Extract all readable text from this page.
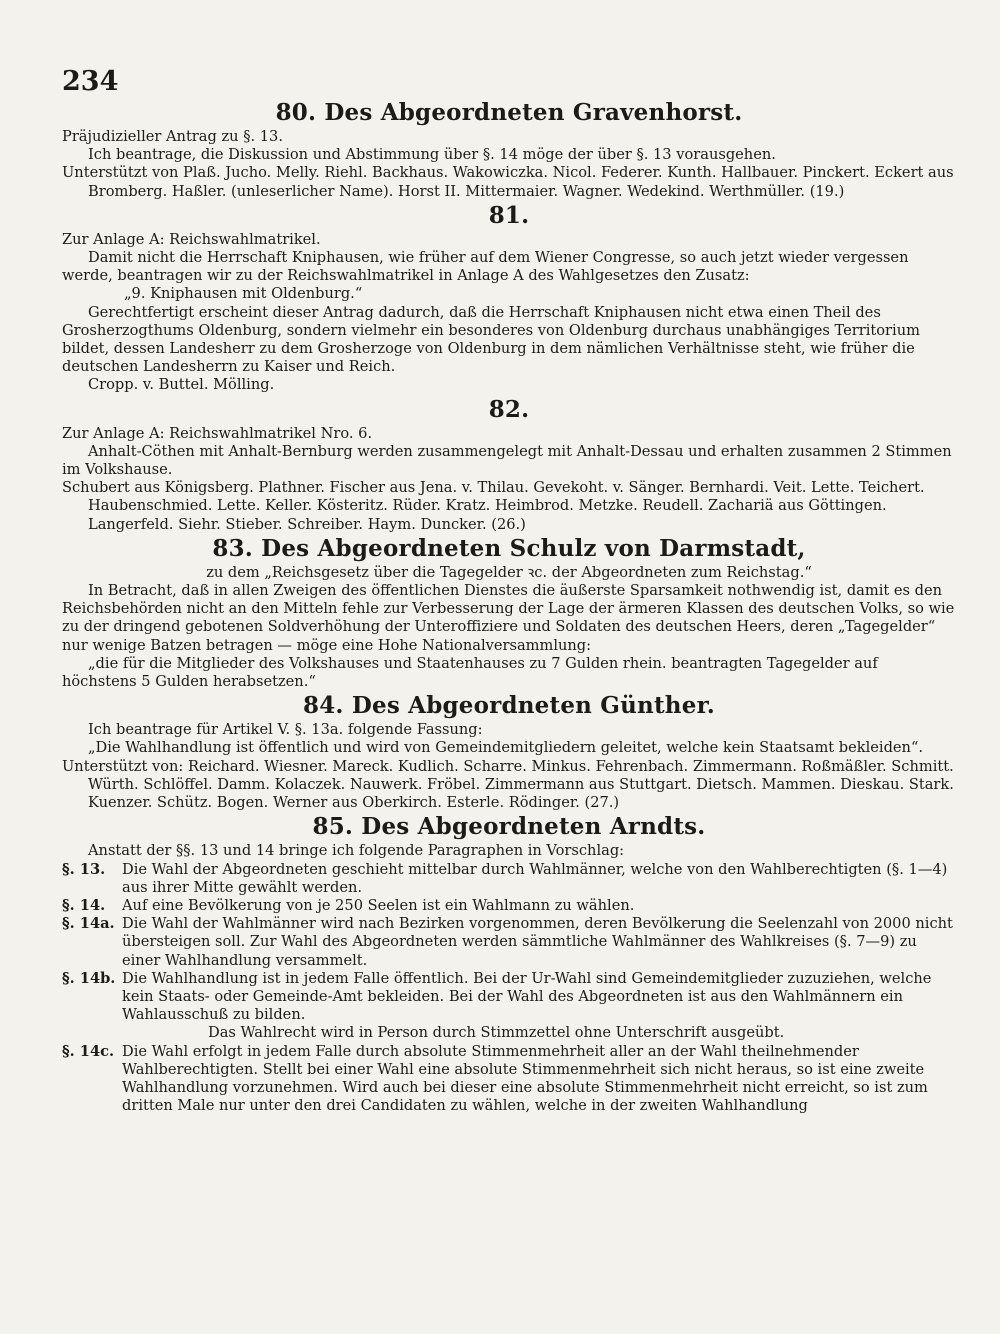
234
80. Des Abgeordneten Gravenhorst.

Präjudizieller Antrag zu §. 13.

Ich beantrage, die Diskussion und Abstimmung über §. 14 möge der über §. 13 vorausgehen.

Unterstützt von Plaß. Jucho. Melly. Riehl. Backhaus. Wakowiczka. Nicol. Federer. Kunth. Hallbauer. Pinckert. Eckert aus Bromberg. Haßler. (unleserlicher Name). Horst II. Mittermaier. Wagner. Wedekind. Werthmüller. (19.)

81.

Zur Anlage A: Reichswahlmatrikel.

Damit nicht die Herrschaft Kniphausen, wie früher auf dem Wiener Congresse, so auch jetzt wieder vergessen werde, beantragen wir zu der Reichswahlmatrikel in Anlage A des Wahlgesetzes den Zusatz:

„9. Kniphausen mit Oldenburg.“

Gerechtfertigt erscheint dieser Antrag dadurch, daß die Herrschaft Kniphausen nicht etwa einen Theil des Grosherzogthums Oldenburg, sondern vielmehr ein besonderes von Oldenburg durchaus unabhängiges Territorium bildet, dessen Landesherr zu dem Grosherzoge von Oldenburg in dem nämlichen Verhältnisse steht, wie früher die deutschen Landesherrn zu Kaiser und Reich.

Cropp. v. Buttel. Mölling.

82.

Zur Anlage A: Reichswahlmatrikel Nro. 6.

Anhalt-Cöthen mit Anhalt-Bernburg werden zusammengelegt mit Anhalt-Dessau und erhalten zusammen 2 Stimmen im Volkshause.

Schubert aus Königsberg. Plathner. Fischer aus Jena. v. Thilau. Gevekoht. v. Sänger. Bernhardi. Veit. Lette. Teichert. Haubenschmied. Lette. Keller. Kösteritz. Rüder. Kratz. Heimbrod. Metzke. Reudell. Zachariä aus Göttingen. Langerfeld. Siehr. Stieber. Schreiber. Haym. Duncker. (26.)

83. Des Abgeordneten Schulz von Darmstadt,

zu dem „Reichsgesetz über die Tagegelder ꝛc. der Abgeordneten zum Reichstag.“

In Betracht, daß in allen Zweigen des öffentlichen Dienstes die äußerste Sparsamkeit nothwendig ist, damit es den Reichsbehörden nicht an den Mitteln fehle zur Verbesserung der Lage der ärmeren Klassen des deutschen Volks, so wie zu der dringend gebotenen Soldverhöhung der Unteroffiziere und Soldaten des deutschen Heers, deren „Tagegelder“ nur wenige Batzen betragen — möge eine Hohe Nationalversammlung:

„die für die Mitglieder des Volkshauses und Staatenhauses zu 7 Gulden rhein. beantragten Tagegelder auf höchstens 5 Gulden herabsetzen.“

84. Des Abgeordneten Günther.

Ich beantrage für Artikel V. §. 13a. folgende Fassung:

„Die Wahlhandlung ist öffentlich und wird von Gemeindemitgliedern geleitet, welche kein Staatsamt bekleiden“.

Unterstützt von: Reichard. Wiesner. Mareck. Kudlich. Scharre. Minkus. Fehrenbach. Zimmermann. Roßmäßler. Schmitt. Würth. Schlöffel. Damm. Kolaczek. Nauwerk. Fröbel. Zimmermann aus Stuttgart. Dietsch. Mammen. Dieskau. Stark. Kuenzer. Schütz. Bogen. Werner aus Oberkirch. Esterle. Rödinger. (27.)

85. Des Abgeordneten Arndts.

Anstatt der §§. 13 und 14 bringe ich folgende Paragraphen in Vorschlag:

§. 13.	Die Wahl der Abgeordneten geschieht mittelbar durch Wahlmänner, welche von den Wahlberechtigten (§. 1—4) aus ihrer Mitte gewählt werden.
§. 14.	Auf eine Bevölkerung von je 250 Seelen ist ein Wahlmann zu wählen.
§. 14a. Die Wahl der Wahlmänner wird nach Bezirken vorgenommen, deren Bevölkerung die Seelenzahl von 2000 nicht übersteigen soll. Zur Wahl des Abgeordneten werden sämmtliche Wahlmänner des Wahlkreises (§. 7—9) zu einer Wahlhandlung versammelt.
§. 14b. Die Wahlhandlung ist in jedem Falle öffentlich. Bei der Ur-Wahl sind Gemeindemitglieder zuzuziehen, welche kein Staats- oder Gemeinde-Amt bekleiden. Bei der Wahl des Abgeordneten ist aus den Wahlmännern ein Wahlausschuß zu bilden.
Das Wahlrecht wird in Person durch Stimmzettel ohne Unterschrift ausgeübt.
§. 14c. Die Wahl erfolgt in jedem Falle durch absolute Stimmenmehrheit aller an der Wahl theilnehmender Wahlberechtigten. Stellt bei einer Wahl eine absolute Stimmenmehrheit sich nicht heraus, so ist eine zweite Wahlhandlung vorzunehmen. Wird auch bei dieser eine absolute Stimmenmehrheit nicht erreicht, so ist zum dritten Male nur unter den drei Candidaten zu wählen, welche in der zweiten Wahlhandlung
